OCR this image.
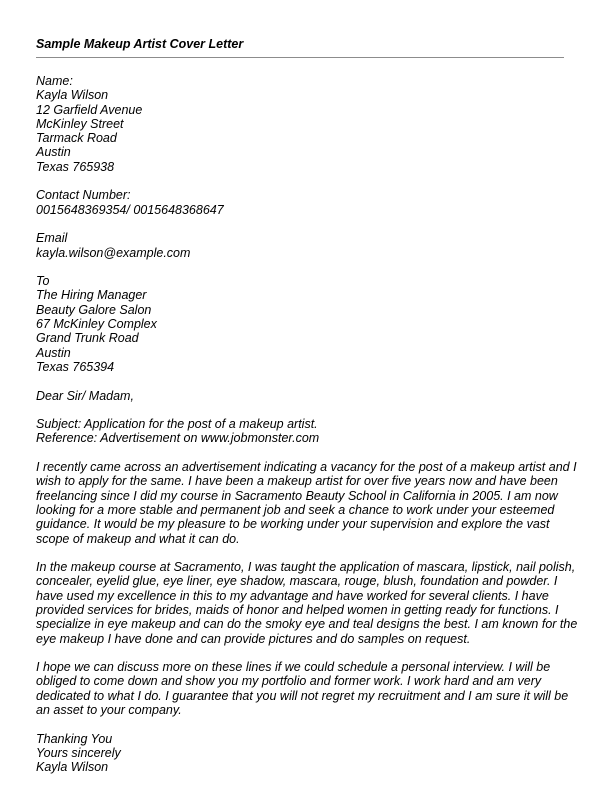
Sample Makeup Artist Cover Letter
Name:
Kayla Wilson
12 Garfield Avenue
McKinley Street
Tarmack Road
Austin
Texas 765938
Contact Number:
0015648369354/ 0015648368647
Email
kayla.wilson@example.com
To
The Hiring Manager
Beauty Galore Salon
67 McKinley Complex
Grand Trunk Road
Austin
Texas 765394
Dear Sir/ Madam,
Subject: Application for the post of a makeup artist.
Reference: Advertisement on www.jobmonster.com
I recently came across an advertisement indicating a vacancy for the post of a makeup artist and I
wish to apply for the same. I have been a makeup artist for over five years now and have been
freelancing since I did my course in Sacramento Beauty School in California in 2005. I am now
looking for a more stable and permanent job and seek a chance to work under your esteemed
guidance. It would be my pleasure to be working under your supervision and explore the vast
scope of makeup and what it can do.
In the makeup course at Sacramento, I was taught the application of mascara, lipstick, nail polish,
concealer, eyelid glue, eye liner, eye shadow, mascara, rouge, blush, foundation and powder. I
have used my excellence in this to my advantage and have worked for several clients. I have
provided services for brides, maids of honor and helped women in getting ready for functions. I
specialize in eye makeup and can do the smoky eye and teal designs the best. I am known for the
eye makeup I have done and can provide pictures and do samples on request.
I hope we can discuss more on these lines if we could schedule a personal interview. I will be
obliged to come down and show you my portfolio and former work. I work hard and am very
dedicated to what I do. I guarantee that you will not regret my recruitment and I am sure it will be
an asset to your company.
Thanking You
Yours sincerely
Kayla Wilson
